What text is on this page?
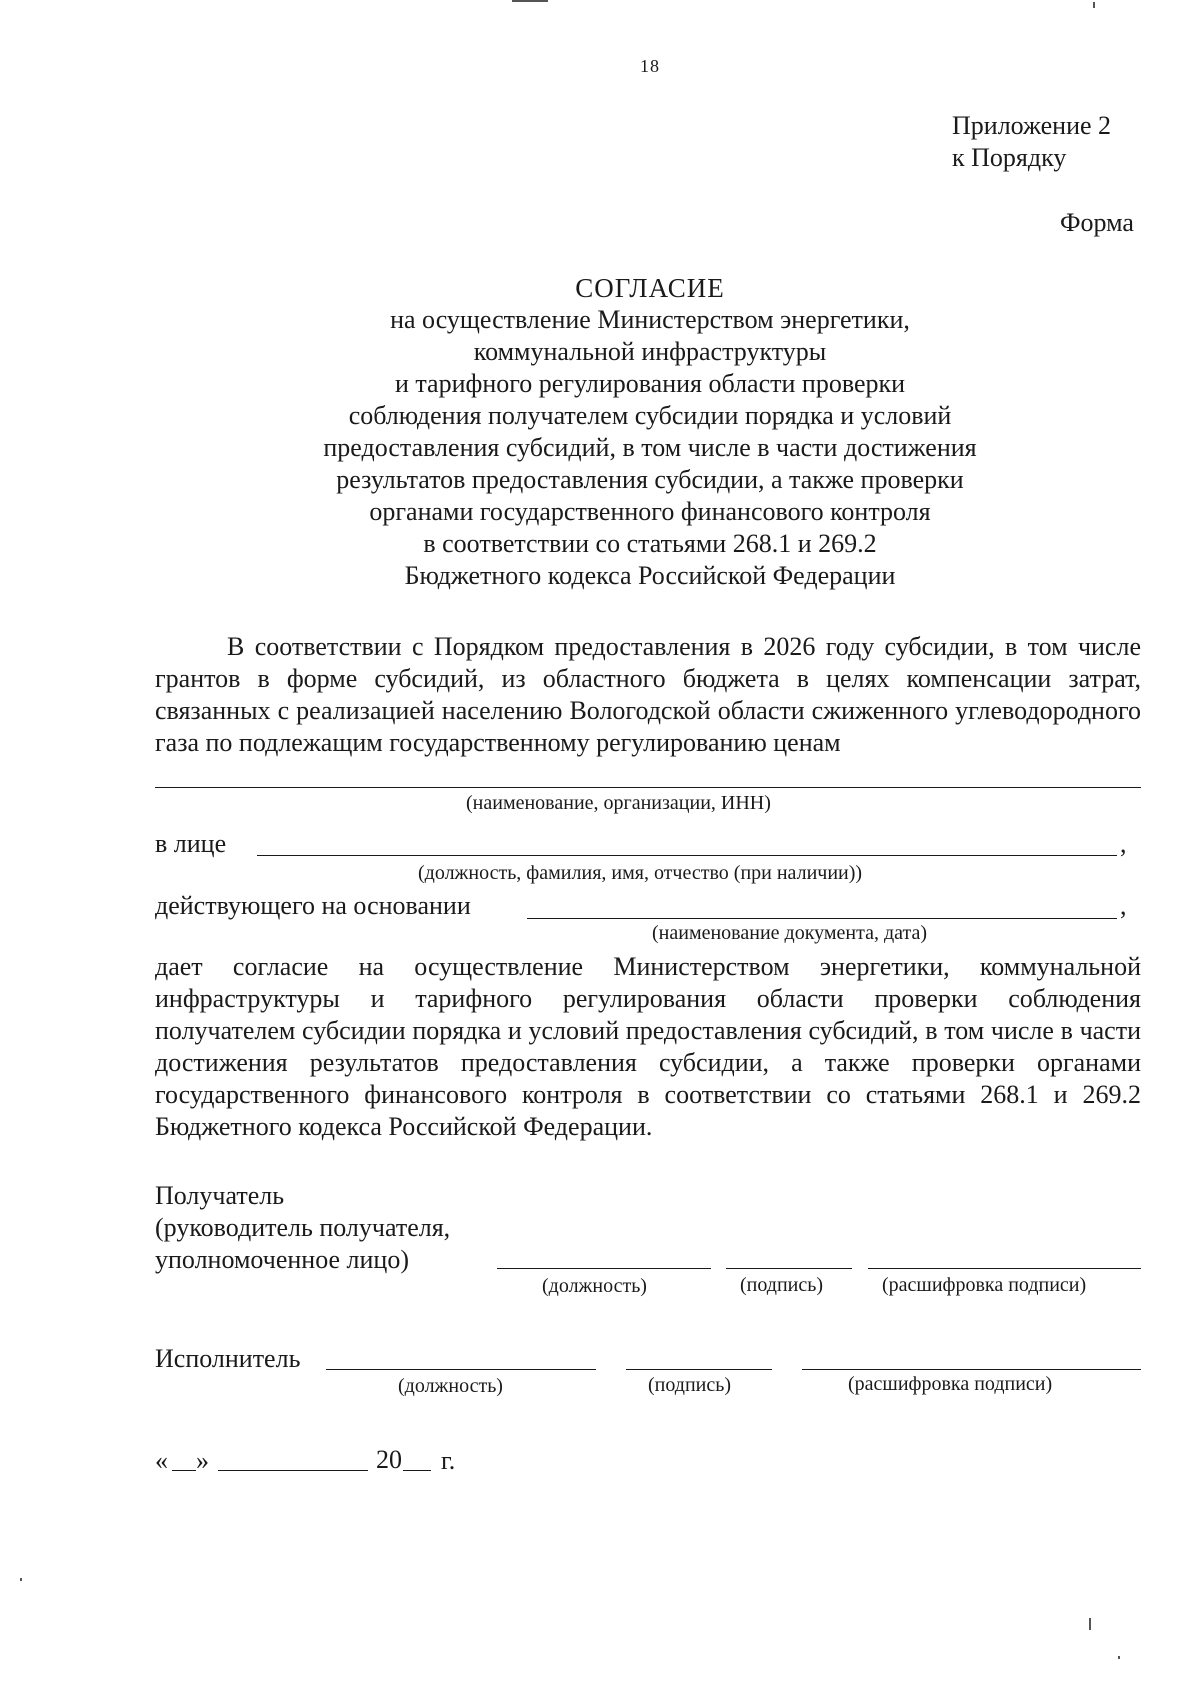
18
Приложение 2
к Порядку
Форма
СОГЛАСИЕ
на осуществление Министерством энергетики,
коммунальной инфраструктуры
и тарифного регулирования области проверки
соблюдения получателем субсидии порядка и условий
предоставления субсидий, в том числе в части достижения
результатов предоставления субсидии, а также проверки
органами государственного финансового контроля
в соответствии со статьями 268.1 и 269.2
Бюджетного кодекса Российской Федерации
В соответствии с Порядком предоставления в 2026 году субсидии, в том числе грантов в форме субсидий, из областного бюджета в целях компенсации затрат, связанных с реализацией населению Вологодской области сжиженного углеводородного газа по подлежащим государственному регулированию ценам
(наименование, организации, ИНН)
в лице	,
(должность, фамилия, имя, отчество (при наличии))
действующего на основании	,
(наименование документа, дата)
дает согласие на осуществление Министерством энергетики, коммунальной инфраструктуры и тарифного регулирования области проверки соблюдения получателем субсидии порядка и условий предоставления субсидий, в том числе в части достижения результатов предоставления субсидии, а также проверки органами государственного финансового контроля в соответствии со статьями 268.1 и 269.2 Бюджетного кодекса Российской Федерации.
Получатель
(руководитель получателя,
уполномоченное лицо)
(должность)	(подпись)	(расшифровка подписи)
Исполнитель
(должность)	(подпись)	(расшифровка подписи)
« »	20 г.
